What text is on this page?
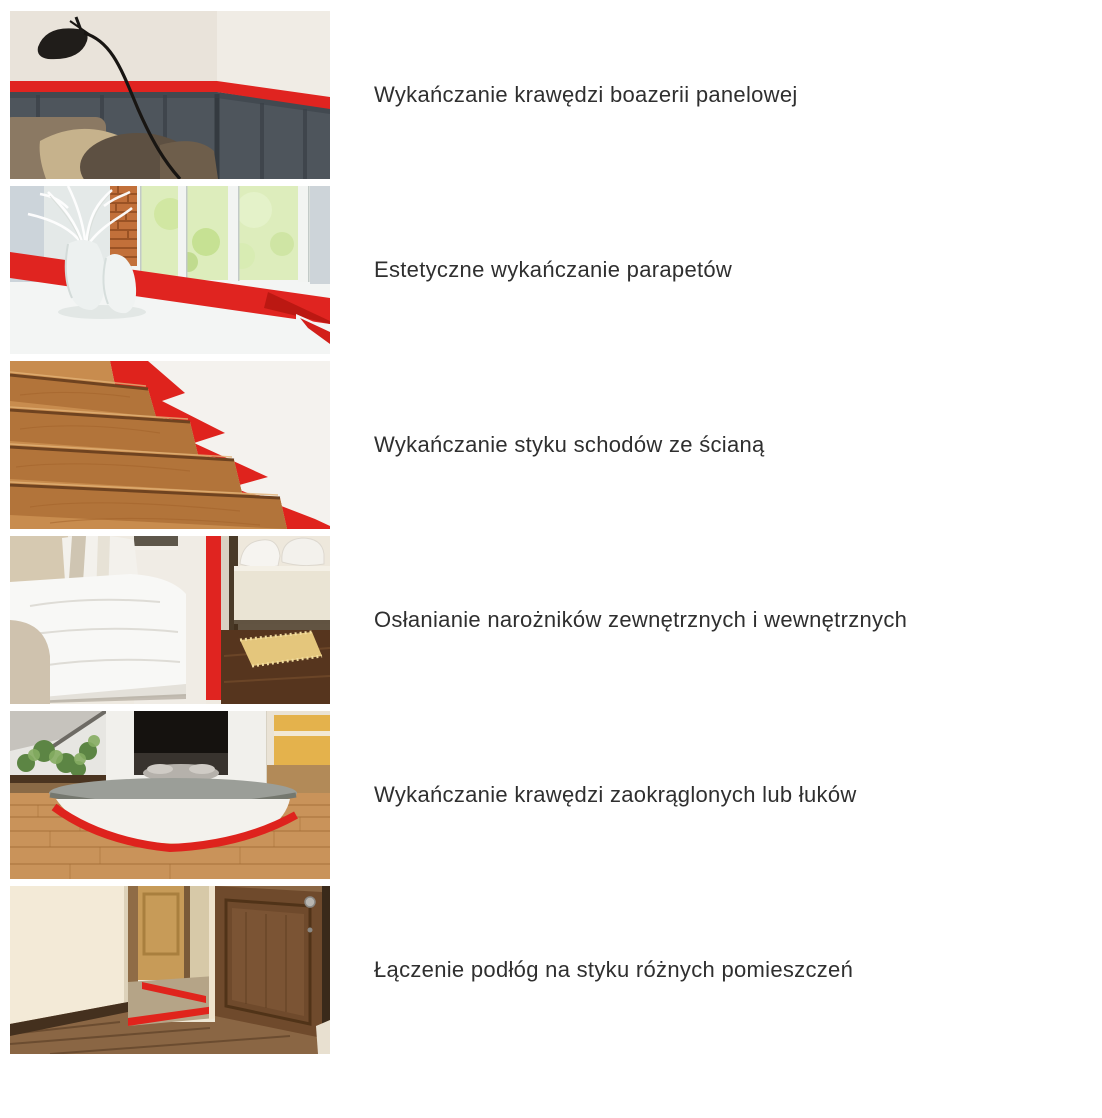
Wykańczanie krawędzi boazerii panelowej
Estetyczne wykańczanie parapetów
Wykańczanie styku schodów ze ścianą
Osłanianie narożników zewnętrznych i wewnętrznych
Wykańczanie krawędzi zaokrąglonych lub łuków
Łączenie podłóg na styku różnych pomieszczeń
